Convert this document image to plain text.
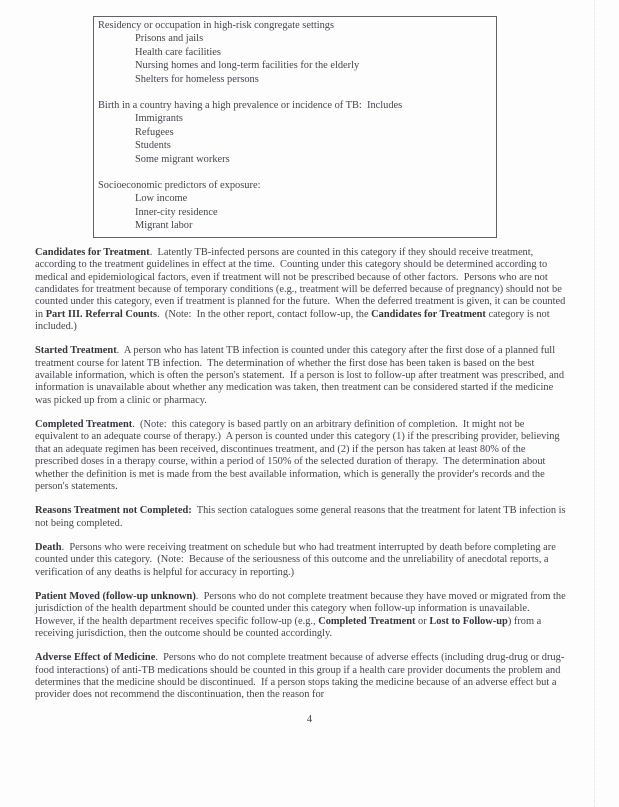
Residency or occupation in high-risk congregate settings
Prisons and jails
Health care facilities
Nursing homes and long-term facilities for the elderly
Shelters for homeless persons
Birth in a country having a high prevalence or incidence of TB:  Includes
Immigrants
Refugees
Students
Some migrant workers
Socioeconomic predictors of exposure:
Low income
Inner-city residence
Migrant labor

Candidates for Treatment.  Latently TB-infected persons are counted in this category if they should receive treatment, according to the treatment guidelines in effect at the time.  Counting under this category should be determined according to medical and epidemiological factors, even if treatment will not be prescribed because of other factors.  Persons who are not candidates for treatment because of temporary conditions (e.g., treatment will be deferred because of pregnancy) should not be counted under this category, even if treatment is planned for the future.  When the deferred treatment is given, it can be counted in Part III. Referral Counts.  (Note:  In the other report, contact follow-up, the Candidates for Treatment category is not included.)

Started Treatment.  A person who has latent TB infection is counted under this category after the first dose of a planned full treatment course for latent TB infection.  The determination of whether the first dose has been taken is based on the best available information, which is often the person's statement.  If a person is lost to follow-up after treatment was prescribed, and information is unavailable about whether any medication was taken, then treatment can be considered started if the medicine was picked up from a clinic or pharmacy.

Completed Treatment.  (Note:  this category is based partly on an arbitrary definition of completion.  It might not be equivalent to an adequate course of therapy.)  A person is counted under this category (1) if the prescribing provider, believing that an adequate regimen has been received, discontinues treatment, and (2) if the person has taken at least 80% of the prescribed doses in a therapy course, within a period of 150% of the selected duration of therapy.  The determination about whether the definition is met is made from the best available information, which is generally the provider's records and the person's statements.

Reasons Treatment not Completed:  This section catalogues some general reasons that the treatment for latent TB infection is not being completed.

Death.  Persons who were receiving treatment on schedule but who had treatment interrupted by death before completing are counted under this category.  (Note:  Because of the seriousness of this outcome and the unreliability of anecdotal reports, a verification of any deaths is helpful for accuracy in reporting.)

Patient Moved (follow-up unknown).  Persons who do not complete treatment because they have moved or migrated from the jurisdiction of the health department should be counted under this category when follow-up information is unavailable.  However, if the health department receives specific follow-up (e.g., Completed Treatment or Lost to Follow-up) from a receiving jurisdiction, then the outcome should be counted accordingly.

Adverse Effect of Medicine.  Persons who do not complete treatment because of adverse effects (including drug-drug or drug-food interactions) of anti-TB medications should be counted in this group if a health care provider documents the problem and determines that the medicine should be discontinued.  If a person stops taking the medicine because of an adverse effect but a provider does not recommend the discontinuation, then the reason for

4
